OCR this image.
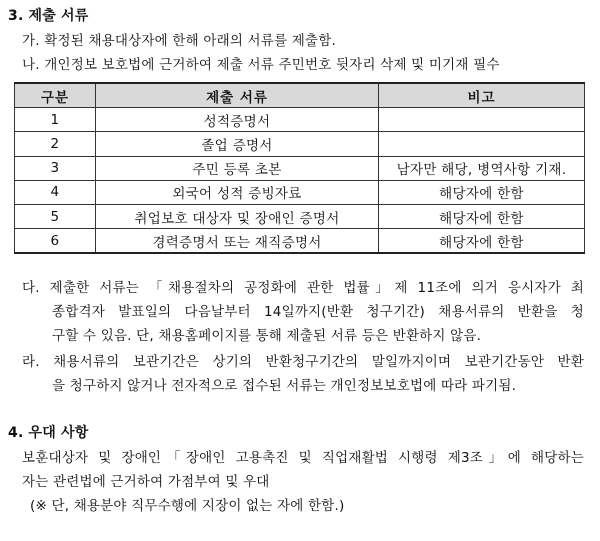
3. 제출 서류
가. 확정된 채용대상자에 한해 아래의 서류를 제출함.
나. 개인정보 보호법에 근거하여 제출 서류 주민번호 뒷자리 삭제 및 미기재 필수
구분	제출 서류	비고
1	성적증명서	
2	졸업 증명서	
3	주민 등록 초본	남자만 해당, 병역사항 기재.
4	외국어 성적 증빙자료	해당자에 한함
5	취업보호 대상자 및 장애인 증명서	해당자에 한함
6	경력증명서 또는 재직증명서	해당자에 한함
다. 제출한 서류는 「채용절차의 공정화에 관한 법률」제 11조에 의거 응시자가 최
종합격자 발표일의 다음날부터 14일까지(반환 청구기간) 채용서류의 반환을 청
구할 수 있음. 단, 채용홈페이지를 통해 제출된 서류 등은 반환하지 않음.
라. 채용서류의 보관기간은 상기의 반환청구기간의 말일까지이며 보관기간동안 반환
을 청구하지 않거나 전자적으로 접수된 서류는 개인정보보호법에 따라 파기됨.
4. 우대 사항
보훈대상자 및 장애인「장애인 고용촉진 및 직업재활법 시행령 제3조」에 해당하는
자는 관련법에 근거하여 가점부여 및 우대
(※ 단, 채용분야 직무수행에 지장이 없는 자에 한함.)
